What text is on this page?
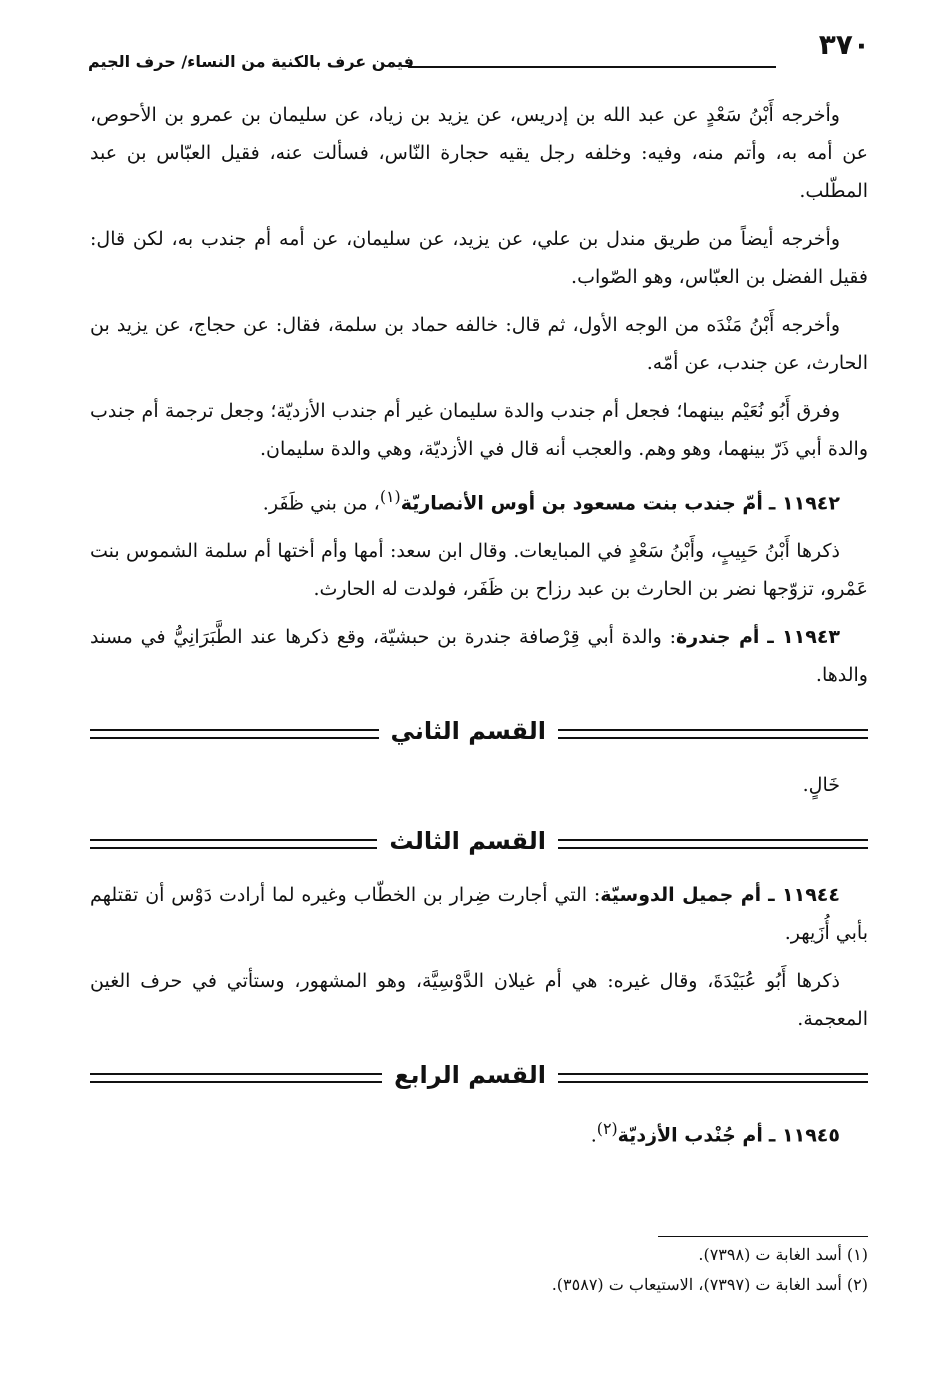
٣٧٠
فيمن عرف بالكنية من النساء/ حرف الجيم

وأخرجه أَبْنُ سَعْدٍ عن عبد الله بن إدريس، عن يزيد بن زياد، عن سليمان بن عمرو بن الأحوص، عن أمه به، وأتم منه، وفيه: وخلفه رجل يقيه حجارة النّاس، فسألت عنه، فقيل العبّاس بن عبد المطّلب.

وأخرجه أيضاً من طريق مندل بن علي، عن يزيد، عن سليمان، عن أمه أم جندب به، لكن قال: فقيل الفضل بن العبّاس، وهو الصّواب.

وأخرجه أَبْنُ مَنْدَه من الوجه الأول، ثم قال: خالفه حماد بن سلمة، فقال: عن حجاج، عن يزيد بن الحارث، عن جندب، عن أمّه.

وفرق أَبُو نُعَيْم بينهما؛ فجعل أم جندب والدة سليمان غير أم جندب الأزديّة؛ وجعل ترجمة أم جندب والدة أبي ذَرّ بينهما، وهو وهم. والعجب أنه قال في الأزديّة، وهي والدة سليمان.

١١٩٤٢ ـ أمّ جندب بنت مسعود بن أوس الأنصاريّة$^{(١)}$، من بني ظَفَر.

ذكرها أَبْنُ حَبِيبٍ، وأَبْنُ سَعْدٍ في المبايعات. وقال ابن سعد: أمها وأم أختها أم سلمة الشموس بنت عَمْرو، تزوّجها نضر بن الحارث بن عبد رزاح بن ظَفَر، فولدت له الحارث.

١١٩٤٣ ـ أم جندرة: والدة أبي قِرْصافة جندرة بن حبشيّة، وقع ذكرها عند الطَّبَرَانِيُّ في مسند والدها.

القسم الثاني

خَالٍ.

القسم الثالث

١١٩٤٤ ـ أم جميل الدوسيّة: التي أجارت ضِرار بن الخطّاب وغيره لما أرادت دَوْس أن تقتلهم بأبي أُزَيهر.

ذكرها أَبُو عُبَيْدَةَ، وقال غيره: هي أم غيلان الدَّوْسِيَّة، وهو المشهور، وستأتي في حرف الغين المعجمة.

القسم الرابع

١١٩٤٥ ـ أم جُنْدب الأزديّة$^{(٢)}$.

(١) أسد الغابة ت (٧٣٩٨).

(٢) أسد الغابة ت (٧٣٩٧)، الاستيعاب ت (٣٥٨٧).
